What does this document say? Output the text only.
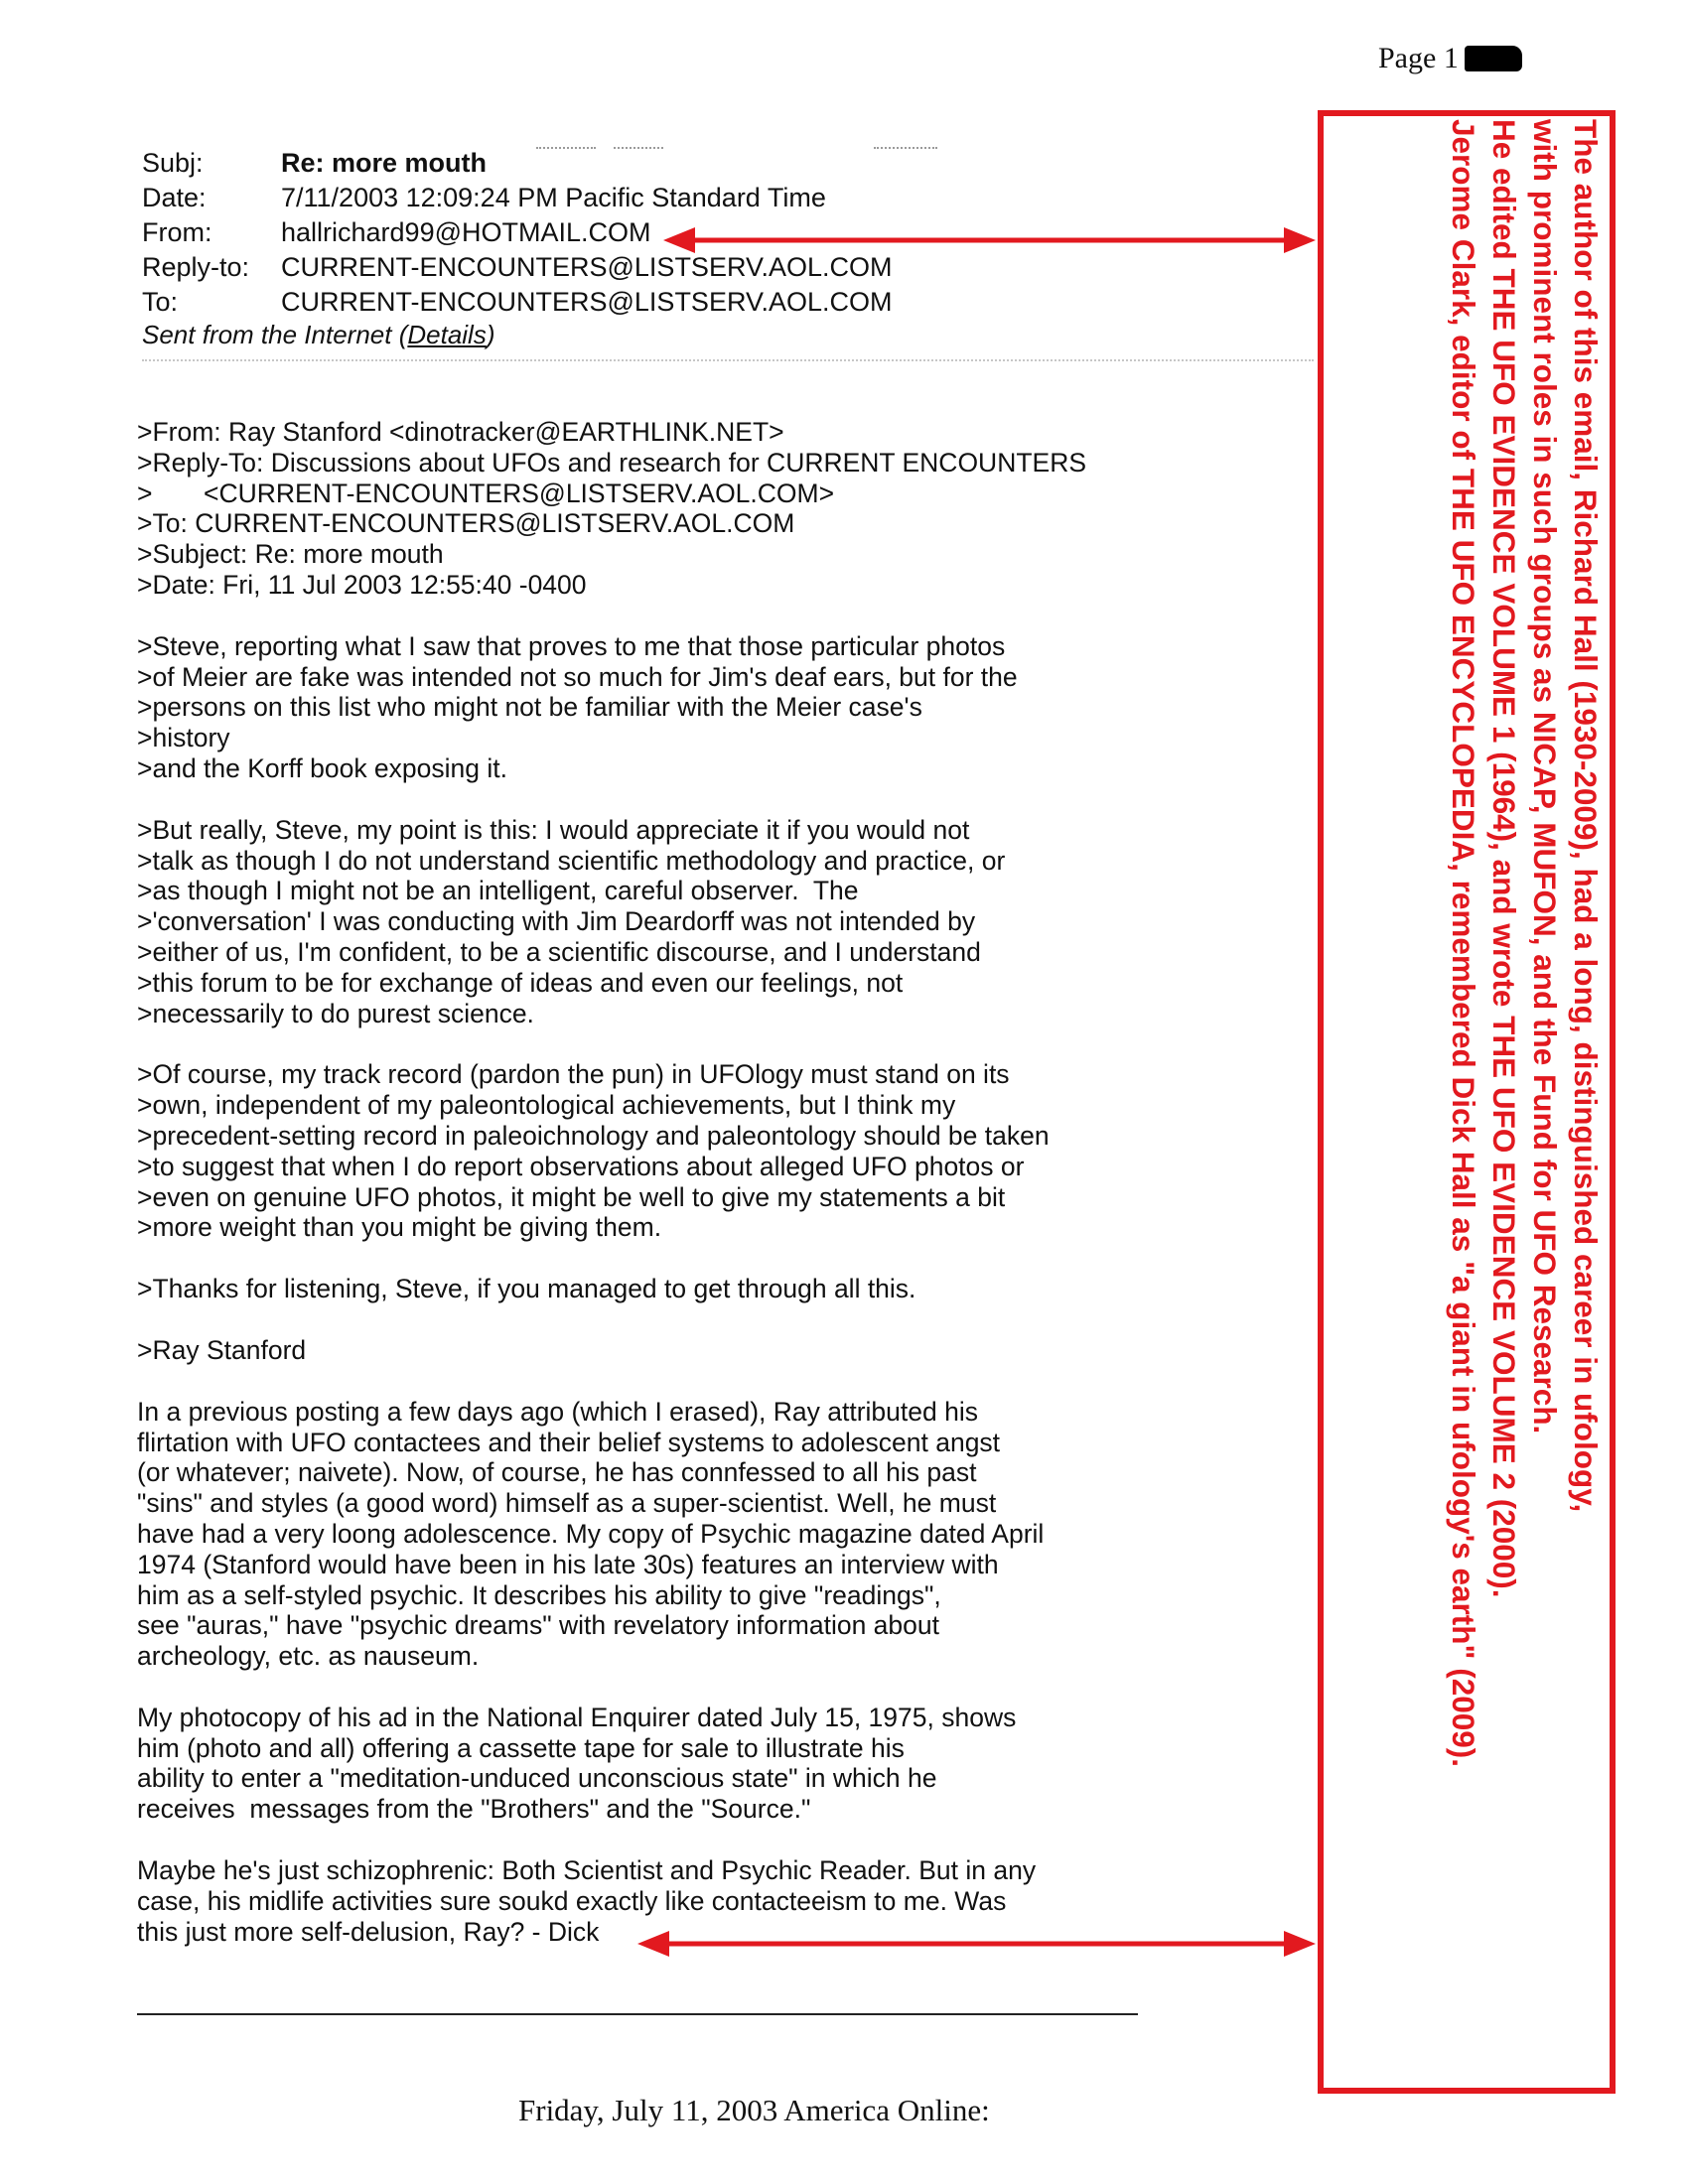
Page 1
Subj:	Re: more mouth
Date:	7/11/2003 12:09:24 PM Pacific Standard Time
From:	hallrichard99@HOTMAIL.COM
Reply-to:	CURRENT-ENCOUNTERS@LISTSERV.AOL.COM
To:	CURRENT-ENCOUNTERS@LISTSERV.AOL.COM
Sent from the Internet ( Details )
>From: Ray Stanford <dinotracker@EARTHLINK.NET>
>Reply-To: Discussions about UFOs and research for CURRENT ENCOUNTERS
>       <CURRENT-ENCOUNTERS@LISTSERV.AOL.COM>
>To: CURRENT-ENCOUNTERS@LISTSERV.AOL.COM
>Subject: Re: more mouth
>Date: Fri, 11 Jul 2003 12:55:40 -0400
>Steve, reporting what I saw that proves to me that those particular photos
>of Meier are fake was intended not so much for Jim's deaf ears, but for the
>persons on this list who might not be familiar with the Meier case's
>history
>and the Korff book exposing it.
>But really, Steve, my point is this: I would appreciate it if you would not
>talk as though I do not understand scientific methodology and practice, or
>as though I might not be an intelligent, careful observer.  The
>'conversation' I was conducting with Jim Deardorff was not intended by
>either of us, I'm confident, to be a scientific discourse, and I understand
>this forum to be for exchange of ideas and even our feelings, not
>necessarily to do purest science.
>Of course, my track record (pardon the pun) in UFOlogy must stand on its
>own, independent of my paleontological achievements, but I think my
>precedent-setting record in paleoichnology and paleontology should be taken
>to suggest that when I do report observations about alleged UFO photos or
>even on genuine UFO photos, it might be well to give my statements a bit
>more weight than you might be giving them.
>Thanks for listening, Steve, if you managed to get through all this.
>Ray Stanford
In a previous posting a few days ago (which I erased), Ray attributed his
flirtation with UFO contactees and their belief systems to adolescent angst
(or whatever; naivete). Now, of course, he has connfessed to all his past
"sins" and styles (a good word) himself as a super-scientist. Well, he must
have had a very loong adolescence. My copy of Psychic magazine dated April
1974 (Stanford would have been in his late 30s) features an interview with
him as a self-styled psychic. It describes his ability to give "readings",
see "auras," have "psychic dreams" with revelatory information about
archeology, etc. as nauseum.
My photocopy of his ad in the National Enquirer dated July 15, 1975, shows
him (photo and all) offering a cassette tape for sale to illustrate his
ability to enter a "meditation-unduced unconscious state" in which he
receives  messages from the "Brothers" and the "Source."
Maybe he's just schizophrenic: Both Scientist and Psychic Reader. But in any
case, his midlife activities sure soukd exactly like contacteeism to me. Was
this just more self-delusion, Ray? - Dick
Friday, July 11, 2003 America Online:
The author of this email, Richard Hall (1930-2009), had a long, distinguished career in ufology,
with prominent roles in such groups as NICAP, MUFON, and the Fund for UFO Research.
He edited THE UFO EVIDENCE VOLUME 1 (1964), and wrote THE UFO EVIDENCE VOLUME 2 (2000).
Jerome Clark, editor of THE UFO ENCYCLOPEDIA, remembered Dick Hall as "a giant in ufology's earth" (2009).
